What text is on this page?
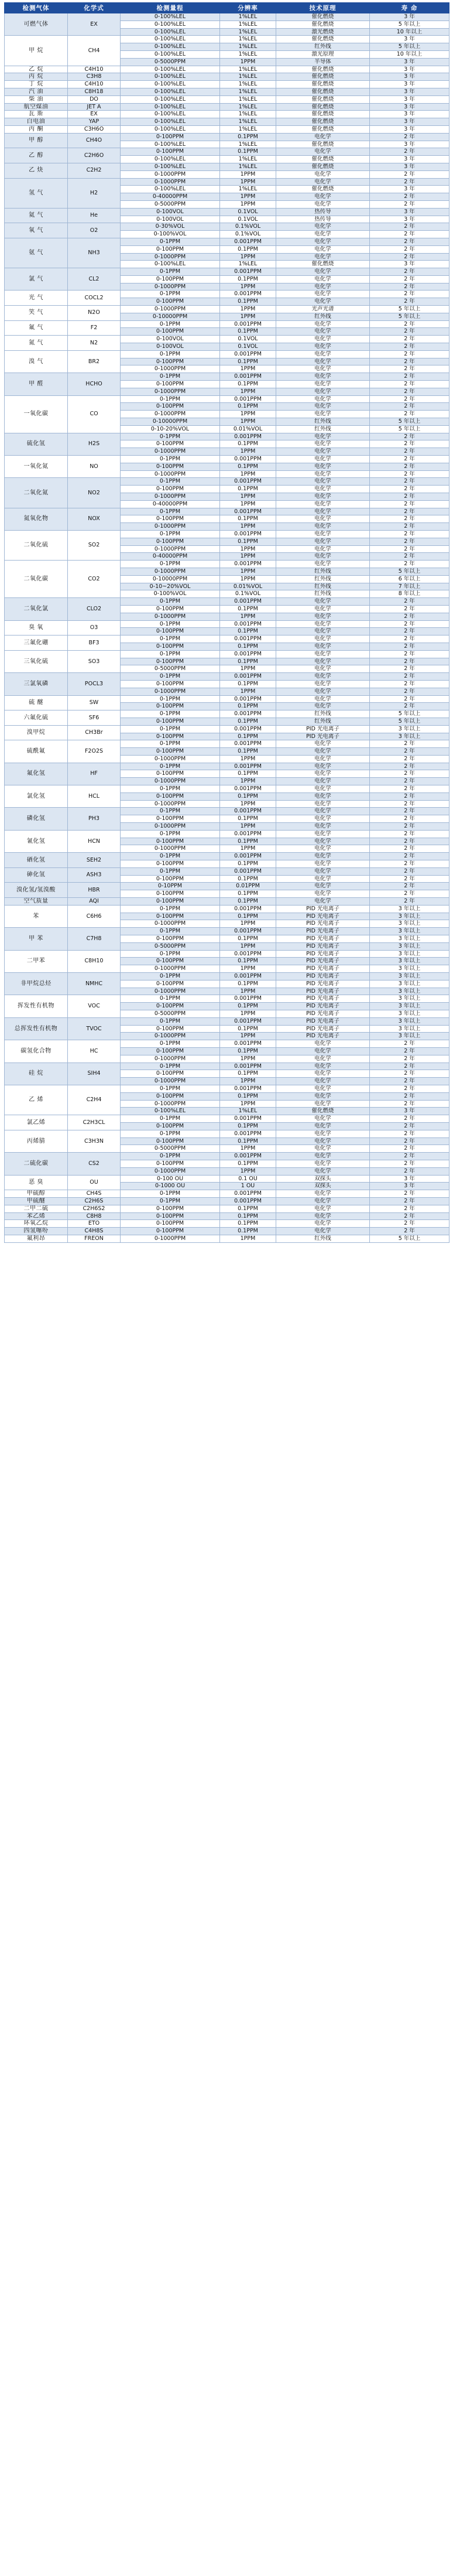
检测气体	化学式	检测量程	分辨率	技术原理	寿 命
可燃气体	EX	0-100%LEL	1%LEL	催化燃烧	3 年
		0-100%LEL	1%LEL	催化燃烧	5 年以上
		0-100%LEL	1%LEL	激光燃烧	10 年以上
甲 烷	CH4	0-100%LEL	1%LEL	催化燃烧	3 年
		0-100%LEL	1%LEL	红外线	5 年以上
		0-100%LEL	1%LEL	激光原理	10 年以上
		0-5000PPM	1PPM	半导体	3 年
乙 烷	C4H10	0-100%LEL	1%LEL	催化燃烧	3 年
丙 烷	C3H8	0-100%LEL	1%LEL	催化燃烧	3 年
丁 烷	C4H10	0-100%LEL	1%LEL	催化燃烧	3 年
汽 油	C8H18	0-100%LEL	1%LEL	催化燃烧	3 年
柴 油	DO	0-100%LEL	1%LEL	催化燃烧	3 年
航空煤油	JET A	0-100%LEL	1%LEL	催化燃烧	3 年
瓦 斯	EX	0-100%LEL	1%LEL	催化燃烧	3 年
白电油	YAP	0-100%LEL	1%LEL	催化燃烧	3 年
丙 酮	C3H6O	0-100%LEL	1%LEL	催化燃烧	3 年
甲 醇	CH4O	0-100PPM	0.1PPM	电化学	2 年
		0-100%LEL	1%LEL	催化燃烧	3 年
乙 醇	C2H6O	0-100PPM	0.1PPM	电化学	2 年
		0-100%LEL	1%LEL	催化燃烧	3 年
乙 炔	C2H2	0-100%LEL	1%LEL	催化燃烧	3 年
		0-1000PPM	1PPM	电化学	2 年
氢 气	H2	0-1000PPM	1PPM	电化学	2 年
		0-100%LEL	1%LEL	催化燃烧	3 年
		0-40000PPM	1PPM	电化学	2 年
		0-5000PPM	1PPM	电化学	2 年
氦 气	He	0-100VOL	0.1VOL	热传导	3 年
		0-100VOL	0.1VOL	热传导	3 年
氧 气	O2	0-30%VOL	0.1%VOL	电化学	2 年
		0-100%VOL	0.1%VOL	电化学	2 年
氨 气	NH3	0-1PPM	0.001PPM	电化学	2 年
		0-100PPM	0.1PPM	电化学	2 年
		0-1000PPM	1PPM	电化学	2 年
		0-100%LEL	1%LEL	催化燃烧	3 年
氯 气	CL2	0-1PPM	0.001PPM	电化学	2 年
		0-100PPM	0.1PPM	电化学	2 年
		0-1000PPM	1PPM	电化学	2 年
光 气	COCL2	0-1PPM	0.001PPM	电化学	2 年
		0-100PPM	0.1PPM	电化学	2 年
笑 气	N2O	0-1000PPM	1PPM	光声光谱	5 年以上
		0-10000PPM	1PPM	红外线	5 年以上
氟 气	F2	0-1PPM	0.001PPM	电化学	2 年
		0-100PPM	0.1PPM	电化学	2 年
氮 气	N2	0-100VOL	0.1VOL	电化学	2 年
		0-100VOL	0.1VOL	电化学	2 年
溴 气	BR2	0-1PPM	0.001PPM	电化学	2 年
		0-100PPM	0.1PPM	电化学	2 年
		0-1000PPM	1PPM	电化学	2 年
甲 醛	HCHO	0-1PPM	0.001PPM	电化学	2 年
		0-100PPM	0.1PPM	电化学	2 年
		0-1000PPM	1PPM	电化学	2 年
一氧化碳	CO	0-1PPM	0.001PPM	电化学	2 年
		0-100PPM	0.1PPM	电化学	2 年
		0-1000PPM	1PPM	电化学	2 年
		0-10000PPM	1PPM	红外线	5 年以上
		0-10-20%VOL	0.01%VOL	红外线	5 年以上
硫化氢	H2S	0-1PPM	0.001PPM	电化学	2 年
		0-100PPM	0.1PPM	电化学	2 年
		0-1000PPM	1PPM	电化学	2 年
一氧化氮	NO	0-1PPM	0.001PPM	电化学	2 年
		0-100PPM	0.1PPM	电化学	2 年
		0-1000PPM	1PPM	电化学	2 年
二氧化氮	NO2	0-1PPM	0.001PPM	电化学	2 年
		0-100PPM	0.1PPM	电化学	2 年
		0-1000PPM	1PPM	电化学	2 年
		0-40000PPM	1PPM	电化学	2 年
氮氧化物	NOX	0-1PPM	0.001PPM	电化学	2 年
		0-100PPM	0.1PPM	电化学	2 年
		0-1000PPM	1PPM	电化学	2 年
二氧化硫	SO2	0-1PPM	0.001PPM	电化学	2 年
		0-100PPM	0.1PPM	电化学	2 年
		0-1000PPM	1PPM	电化学	2 年
		0-40000PPM	1PPM	电化学	2 年
二氧化碳	CO2	0-1PPM	0.001PPM	电化学	2 年
		0-1000PPM	1PPM	红外线	5 年以上
		0-10000PPM	1PPM	红外线	6 年以上
		0-10~20%VOL	0.01%VOL	红外线	7 年以上
		0-100%VOL	0.1%VOL	红外线	8 年以上
二氧化氯	CLO2	0-1PPM	0.001PPM	电化学	2 年
		0-100PPM	0.1PPM	电化学	2 年
		0-1000PPM	1PPM	电化学	2 年
臭 氧	O3	0-1PPM	0.001PPM	电化学	2 年
		0-100PPM	0.1PPM	电化学	2 年
三氟化硼	BF3	0-1PPM	0.001PPM	电化学	2 年
		0-100PPM	0.1PPM	电化学	2 年
三氧化硫	SO3	0-1PPM	0.001PPM	电化学	2 年
		0-100PPM	0.1PPM	电化学	2 年
		0-5000PPM	1PPM	电化学	2 年
三氯氧磷	POCL3	0-1PPM	0.001PPM	电化学	2 年
		0-100PPM	0.1PPM	电化学	2 年
		0-1000PPM	1PPM	电化学	2 年
硫 醚	SW	0-1PPM	0.001PPM	电化学	2 年
		0-100PPM	0.1PPM	电化学	2 年
六氟化硫	SF6	0-1PPM	0.001PPM	红外线	5 年以上
		0-100PPM	0.1PPM	红外线	5 年以上
溴甲烷	CH3Br	0-1PPM	0.001PPM	PID 光电离子	3 年以上
		0-100PPM	0.1PPM	PID 光电离子	3 年以上
硫酰氟	F2O2S	0-1PPM	0.001PPM	电化学	2 年
		0-100PPM	0.1PPM	电化学	2 年
		0-1000PPM	1PPM	电化学	2 年
氟化氢	HF	0-1PPM	0.001PPM	电化学	2 年
		0-100PPM	0.1PPM	电化学	2 年
		0-1000PPM	1PPM	电化学	2 年
氯化氢	HCL	0-1PPM	0.001PPM	电化学	2 年
		0-100PPM	0.1PPM	电化学	2 年
		0-1000PPM	1PPM	电化学	2 年
磷化氢	PH3	0-1PPM	0.001PPM	电化学	2 年
		0-100PPM	0.1PPM	电化学	2 年
		0-1000PPM	1PPM	电化学	2 年
氰化氢	HCN	0-1PPM	0.001PPM	电化学	2 年
		0-100PPM	0.1PPM	电化学	2 年
		0-1000PPM	1PPM	电化学	2 年
硒化氢	SEH2	0-1PPM	0.001PPM	电化学	2 年
		0-100PPM	0.1PPM	电化学	2 年
砷化氢	ASH3	0-1PPM	0.001PPM	电化学	2 年
		0-100PPM	0.1PPM	电化学	2 年
溴化氢/氢溴酸	HBR	0-10PPM	0.01PPM	电化学	2 年
		0-100PPM	0.1PPM	电化学	2 年
空气质量	AQI	0-100PPM	0.1PPM	电化学	2 年
苯	C6H6	0-1PPM	0.001PPM	PID 光电离子	3 年以上
		0-100PPM	0.1PPM	PID 光电离子	3 年以上
		0-1000PPM	1PPM	PID 光电离子	3 年以上
甲 苯	C7H8	0-1PPM	0.001PPM	PID 光电离子	3 年以上
		0-100PPM	0.1PPM	PID 光电离子	3 年以上
		0-5000PPM	1PPM	PID 光电离子	3 年以上
二甲苯	C8H10	0-1PPM	0.001PPM	PID 光电离子	3 年以上
		0-100PPM	0.1PPM	PID 光电离子	3 年以上
		0-1000PPM	1PPM	PID 光电离子	3 年以上
非甲烷总烃	NMHC	0-1PPM	0.001PPM	PID 光电离子	3 年以上
		0-100PPM	0.1PPM	PID 光电离子	3 年以上
		0-1000PPM	1PPM	PID 光电离子	3 年以上
挥发性有机物	VOC	0-1PPM	0.001PPM	PID 光电离子	3 年以上
		0-100PPM	0.1PPM	PID 光电离子	3 年以上
		0-5000PPM	1PPM	PID 光电离子	3 年以上
总挥发性有机物	TVOC	0-1PPM	0.001PPM	PID 光电离子	3 年以上
		0-100PPM	0.1PPM	PID 光电离子	3 年以上
		0-1000PPM	1PPM	PID 光电离子	3 年以上
碳氢化合物	HC	0-1PPM	0.001PPM	电化学	2 年
		0-100PPM	0.1PPM	电化学	2 年
		0-1000PPM	1PPM	电化学	2 年
硅 烷	SIH4	0-1PPM	0.001PPM	电化学	2 年
		0-100PPM	0.1PPM	电化学	2 年
		0-1000PPM	1PPM	电化学	2 年
乙 烯	C2H4	0-1PPM	0.001PPM	电化学	2 年
		0-100PPM	0.1PPM	电化学	2 年
		0-1000PPM	1PPM	电化学	2 年
		0-100%LEL	1%LEL	催化燃烧	3 年
氯乙烯	C2H3CL	0-1PPM	0.001PPM	电化学	2 年
		0-100PPM	0.1PPM	电化学	2 年
丙烯腈	C3H3N	0-1PPM	0.001PPM	电化学	2 年
		0-100PPM	0.1PPM	电化学	2 年
		0-5000PPM	1PPM	电化学	2 年
二硫化碳	CS2	0-1PPM	0.001PPM	电化学	2 年
		0-100PPM	0.1PPM	电化学	2 年
		0-1000PPM	1PPM	电化学	2 年
恶 臭	OU	0-100 OU	0.1 OU	双探头	3 年
		0-1000 OU	1 OU	双探头	3 年
甲硫醇	CH4S	0-1PPM	0.001PPM	电化学	2 年
甲硫醚	C2H6S	0-1PPM	0.001PPM	电化学	2 年
二甲二硫	C2H6S2	0-100PPM	0.1PPM	电化学	2 年
苯乙烯	C8H8	0-100PPM	0.1PPM	电化学	2 年
环氧乙烷	ETO	0-100PPM	0.1PPM	电化学	2 年
四氢噻吩	C4H8S	0-100PPM	0.1PPM	电化学	2 年
氟利昂	FREON	0-1000PPM	1PPM	红外线	5 年以上
